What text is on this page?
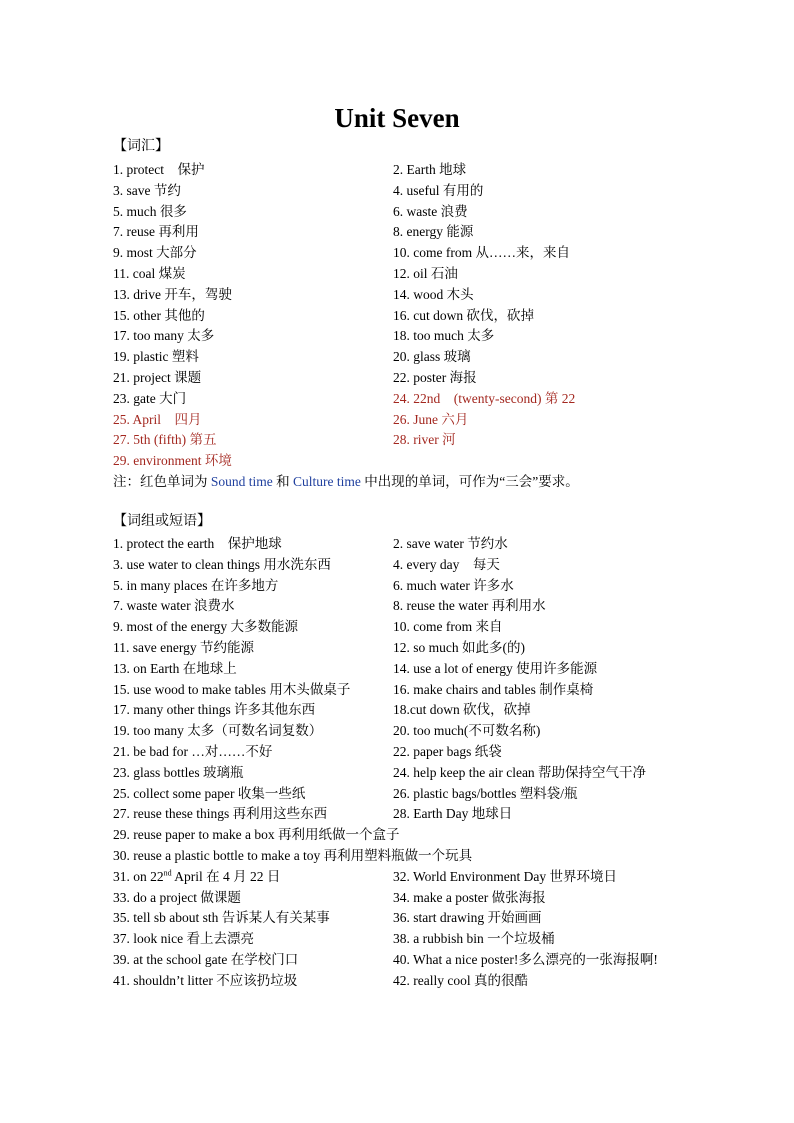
Unit Seven
【词汇】
1. protect　保护	2. Earth 地球
3. save 节约	4. useful 有用的
5. much 很多	6. waste 浪费
7. reuse 再利用	8. energy 能源
9. most 大部分	10. come from 从……来，来自
11. coal 煤炭	12. oil 石油
13. drive 开车，驾驶	14. wood 木头
15. other 其他的	16. cut down 砍伐，砍掉
17. too many 太多	18. too much 太多
19. plastic 塑料	20. glass 玻璃
21. project 课题	22. poster 海报
23. gate 大门	24. 22nd　(twenty-second) 第 22
25. April　四月	26. June 六月
27. 5th (fifth) 第五	28. river 河
29. environment 环境
注：红色单词为 Sound time 和 Culture time 中出现的单词，可作为“三会”要求。
【词组或短语】
1. protect the earth　保护地球	2. save water 节约水
3. use water to clean things 用水洗东西	4. every day　每天
5. in many places 在许多地方	6. much water 许多水
7. waste water 浪费水	8. reuse the water 再利用水
9. most of the energy 大多数能源	10. come from 来自
11. save energy 节约能源	12. so much 如此多(的)
13. on Earth 在地球上	14. use a lot of energy 使用许多能源
15. use wood to make tables 用木头做桌子	16. make chairs and tables 制作桌椅
17. many other things 许多其他东西	18.cut down 砍伐，砍掉
19. too many 太多（可数名词复数）	20. too much(不可数名称)
21. be bad for …对……不好	22. paper bags 纸袋
23. glass bottles 玻璃瓶	24. help keep the air clean 帮助保持空气干净
25. collect some paper 收集一些纸	26. plastic bags/bottles 塑料袋/瓶
27. reuse these things 再利用这些东西	28. Earth Day 地球日
29. reuse paper to make a box 再利用纸做一个盒子
30. reuse a plastic bottle to make a toy 再利用塑料瓶做一个玩具
31. on 22nd April 在 4 月 22 日	32. World Environment Day 世界环境日
33. do a project 做课题	34. make a poster 做张海报
35. tell sb about sth 告诉某人有关某事	36. start drawing 开始画画
37. look nice 看上去漂亮	38. a rubbish bin 一个垃圾桶
39. at the school gate 在学校门口	40. What a nice poster!多么漂亮的一张海报啊!
41. shouldn’t litter 不应该扔垃圾	42. really cool 真的很酷
